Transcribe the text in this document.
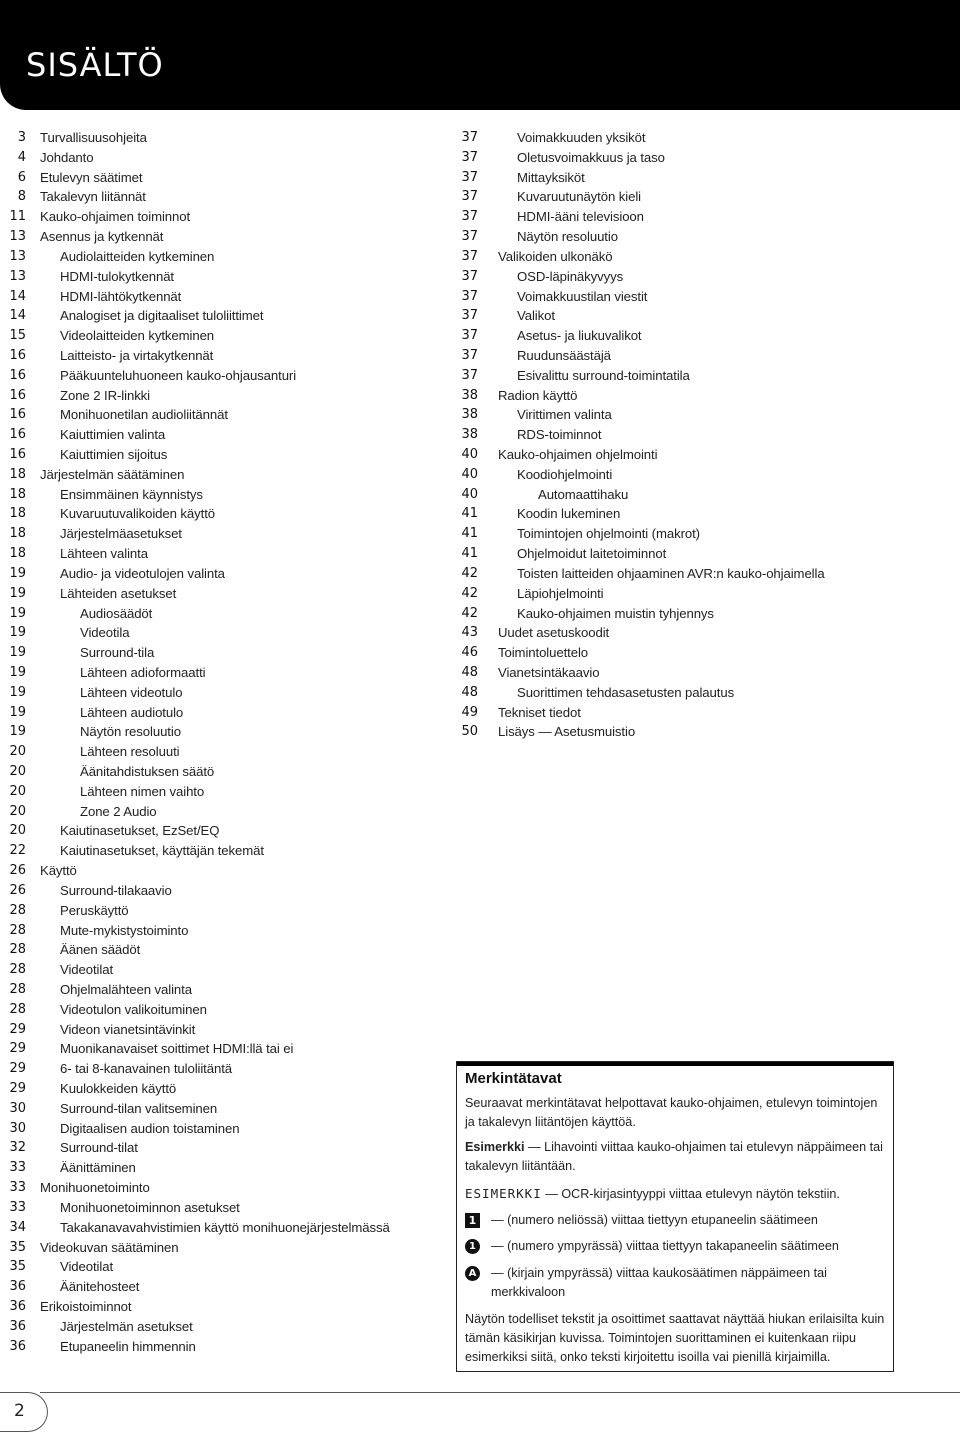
SISÄLTÖ
3 Turvallisuusohjeita
4 Johdanto
6 Etulevyn säätimet
8 Takalevyn liitännät
11 Kauko-ohjaimen toiminnot
13 Asennus ja kytkennät
13	Audiolaitteiden kytkeminen
13	HDMI-tulokytkennät
14	HDMI-lähtökytkennät
14	Analogiset ja digitaaliset tuloliittimet
15	Videolaitteiden kytkeminen
16	Laitteisto- ja virtakytkennät
16	Pääkuunteluhuoneen kauko-ohjausanturi
16	Zone 2 IR-linkki
16	Monihuonetilan audioliitännät
16	Kaiuttimien valinta
16	Kaiuttimien sijoitus
18 Järjestelmän säätäminen
18	Ensimmäinen käynnistys
18	Kuvaruutuvalikoiden käyttö
18	Järjestelmäasetukset
18	Lähteen valinta
19	Audio- ja videotulojen valinta
19	Lähteiden asetukset
19	Audiosäädöt
19	Videotila
19	Surround-tila
19	Lähteen adioformaatti
19	Lähteen videotulo
19	Lähteen audiotulo
19	Näytön resoluutio
20	Lähteen resoluuti
20	Äänitahdistuksen säätö
20	Lähteen nimen vaihto
20	Zone 2 Audio
20	Kaiutinasetukset, EzSet/EQ
22	Kaiutinasetukset, käyttäjän tekemät
26 Käyttö
26	Surround-tilakaavio
28	Peruskäyttö
28	Mute-mykistystoiminto
28	Äänen säädöt
28	Videotilat
28	Ohjelmalähteen valinta
28	Videotulon valikoituminen
29	Videon vianetsintävinkit
29	Muonikanavaiset soittimet HDMI:llä tai ei
29	6- tai 8-kanavainen tuloliitäntä
29	Kuulokkeiden käyttö
30	Surround-tilan valitseminen
30	Digitaalisen audion toistaminen
32	Surround-tilat
33	Äänittäminen
33 Monihuonetoiminto
33	Monihuonetoiminnon asetukset
34	Takakanavavahvistimien käyttö monihuonejärjestelmässä
35 Videokuvan säätäminen
35	Videotilat
36	Äänitehosteet
36 Erikoistoiminnot
36	Järjestelmän asetukset
36	Etupaneelin himmennin
37	Voimakkuuden yksiköt
37	Oletusvoimakkuus ja taso
37	Mittayksiköt
37	Kuvaruutunäytön kieli
37	HDMI-ääni televisioon
37	Näytön resoluutio
37 Valikoiden ulkonäkö
37	OSD-läpinäkyvyys
37	Voimakkuustilan viestit
37	Valikot
37	Asetus- ja liukuvalikot
37	Ruudunsäästäjä
37	Esivalittu surround-toimintatila
38 Radion käyttö
38	Virittimen valinta
38	RDS-toiminnot
40 Kauko-ohjaimen ohjelmointi
40	Koodiohjelmointi
40	Automaattihaku
41	Koodin lukeminen
41	Toimintojen ohjelmointi (makrot)
41	Ohjelmoidut laitetoiminnot
42	Toisten laitteiden ohjaaminen AVR:n kauko-ohjaimella
42	Läpiohjelmointi
42	Kauko-ohjaimen muistin tyhjennys
43 Uudet asetuskoodit
46 Toimintoluettelo
48 Vianetsintäkaavio
48	Suorittimen tehdasasetusten palautus
49 Tekniset tiedot
50 Lisäys — Asetusmuistio
Merkintätavat
Seuraavat merkintätavat helpottavat kauko-ohjaimen, etulevyn toimintojen ja takalevyn liitäntöjen käyttöä.
Esimerkki — Lihavointi viittaa kauko-ohjaimen tai etulevyn näppäimeen tai takalevyn liitäntään.
ESIMERKKI — OCR-kirjasintyyppi viittaa etulevyn näytön tekstiin.
1 — (numero neliössä) viittaa tiettyyn etupaneelin säätimeen
1	— (numero ympyrässä) viittaa tiettyyn takapaneelin säätimeen
A — (kirjain ympyrässä) viittaa kaukosäätimen näppäimeen tai merkkivaloon
Näytön todelliset tekstit ja osoittimet saattavat näyttää hiukan erilaisilta kuin tämän käsikirjan kuvissa. Toimintojen suorittaminen ei kuitenkaan riipu esimerkiksi siitä, onko teksti kirjoitettu isoilla vai pienillä kirjaimilla.
2
